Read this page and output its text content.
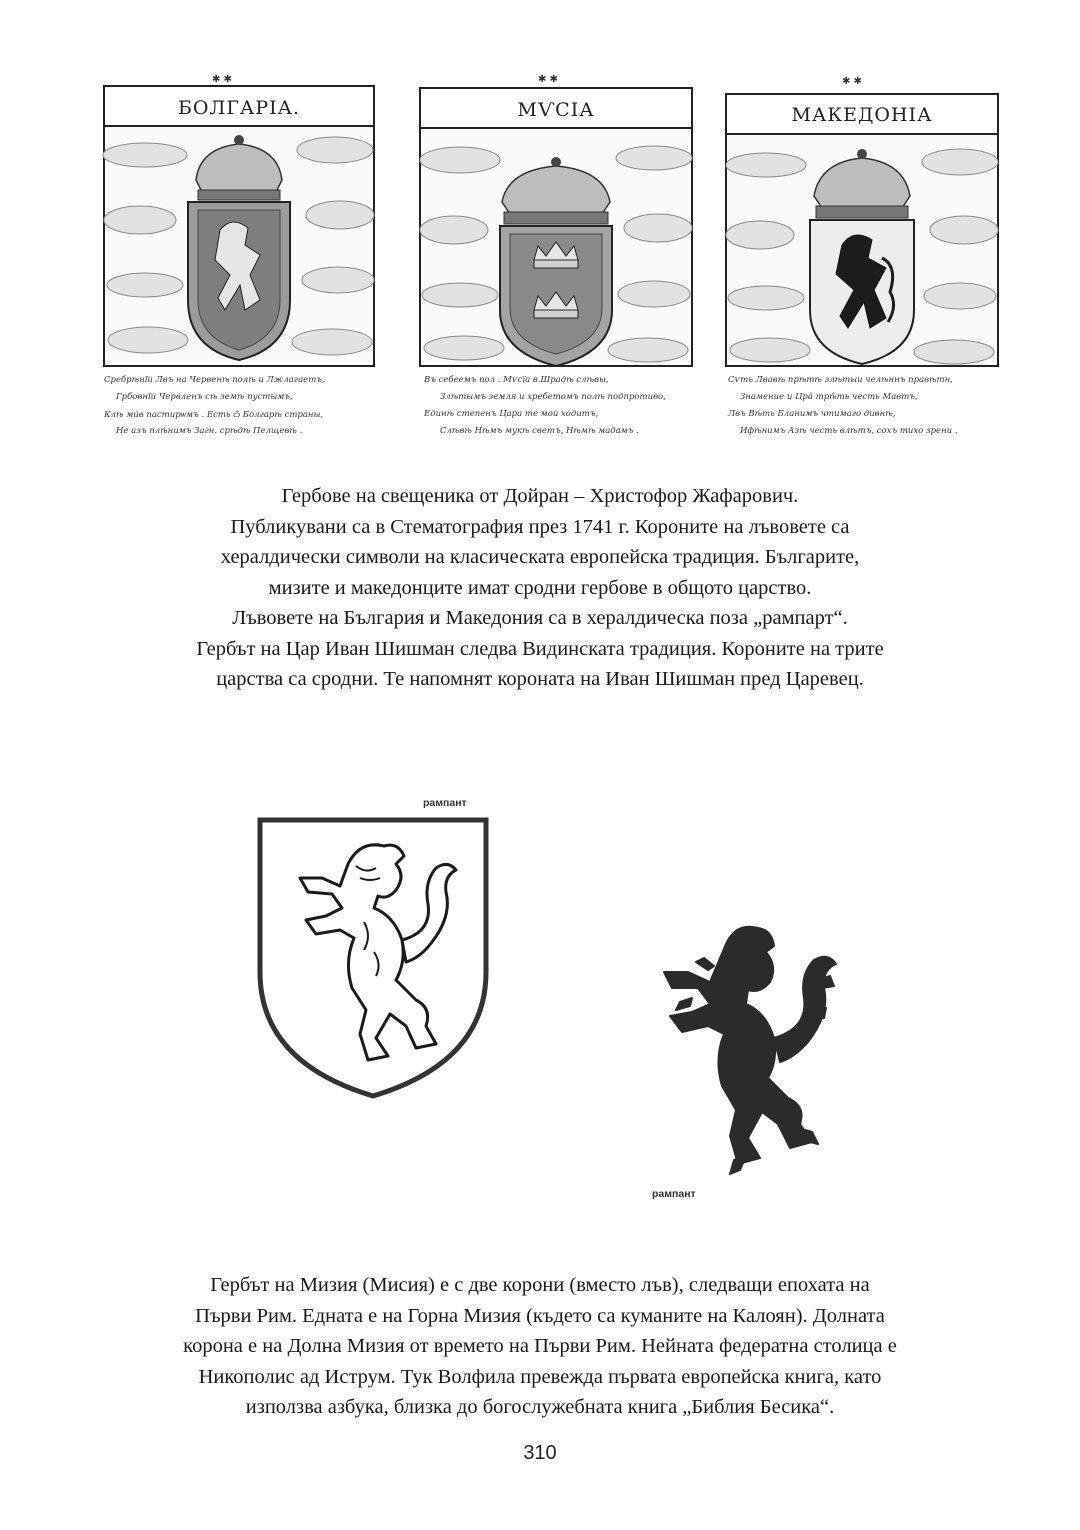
✱ ✱
БОЛГАРІА.
Сребрѣнїй Лвъ на Червенѣ полѣ и Лжлагаетъ,
Грбовнїй Червленъ сѣ земѣ пустымъ,
Клѣ ми́в пастирѡмъ . Есть ѽ Болгарѣ страны,
Не азъ плѣнимъ Загн. срѣдѣ Пелщевѣ .
✱ ✱
МѴСІА
Въ себеемъ пол . Мѵсїа в.Шрадѣ слѣвы,
Злѣтымъ земля и хребетомъ полѣ подпротиво,
Единѣ степенъ Цара те мой ходитъ,
Слѣвѣ Нѣмъ мукѣ светъ, Нѣмѣ мадамъ .
✱ ✱
МАКЕДОНІА
Сѵть Лвавѣ прѣтѣ злѣтыи челѣннъ правѣтн,
Знамение и Цра́ трѣ̂ть честь Мавтъ,
Лвъ Вѣ́ть Бланимъ чтимаго дивнѣ,
Ифѣнимъ Азѣ честь влѣтъ, сохъ тихо зрени .

Гербове на свещеника от Дойран – Христофор Жафарович.

Публикувани са в Стематография през 1741 г. Короните на лъвовете са

хералдически символи на класическата европейска традиция. Българите,

мизите и македонците имат сродни гербове в общото царство.

Лъвовете на България и Македония са в хералдическа поза „рампарт“.

Гербът на Цар Иван Шишман следва Видинската традиция. Короните на трите

царства са сродни. Те напомнят короната на Иван Шишман пред Царевец.

рампант
рампант

Гербът на Мизия (Мисия) е с две корони (вместо лъв), следващи епохата на

Първи Рим. Едната е на Горна Мизия (където са куманите на Калоян). Долната

корона е на Долна Мизия от времето на Първи Рим. Нейната федератна столица е

Никополис ад Иструм. Тук Волфила превежда първата европейска книга, като

използва азбука, близка до богослужебната книга „Библия Бесика“.

310
